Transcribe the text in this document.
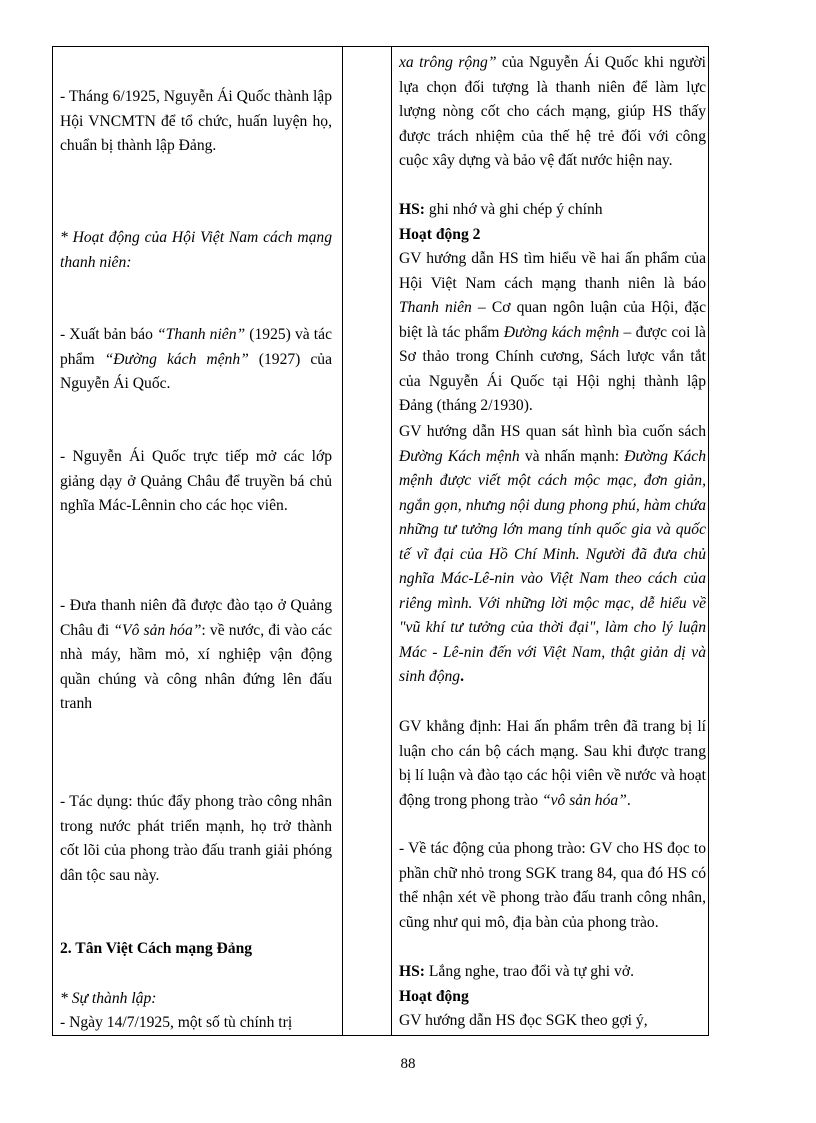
- Tháng 6/1925, Nguyễn Ái Quốc thành lập Hội VNCMTN để tổ chức, huấn luyện họ, chuẩn bị thành lập Đảng.
* Hoạt động của Hội Việt Nam cách mạng thanh niên:
- Xuất bản báo “Thanh niên” (1925) và tác phẩm “Đường kách mệnh” (1927) của Nguyễn Ái Quốc.
- Nguyễn Ái Quốc trực tiếp mở các lớp giảng dạy ở Quảng Châu để truyền bá chủ nghĩa Mác-Lênnin cho các học viên.
- Đưa thanh niên đã được đào tạo ở Quảng Châu đi “Vô sản hóa”: về nước, đi vào các nhà máy, hầm mỏ, xí nghiệp vận động quần chúng và công nhân đứng lên đấu tranh
- Tác dụng: thúc đẩy phong trào công nhân trong nước phát triển mạnh, họ trở thành cốt lõi của phong trào đấu tranh giải phóng dân tộc sau này.
2. Tân Việt Cách mạng Đảng
* Sự thành lập:
- Ngày 14/7/1925, một số tù chính trị
xa trông rộng” của Nguyễn Ái Quốc khi người lựa chọn đối tượng là thanh niên để làm lực lượng nòng cốt cho cách mạng, giúp HS thấy được trách nhiệm của thế hệ trẻ đối với công cuộc xây dựng và bảo vệ đất nước hiện nay.
HS: ghi nhớ và ghi chép ý chính
Hoạt động 2
GV hướng dẫn HS tìm hiểu về hai ấn phẩm của Hội Việt Nam cách mạng thanh niên là báo Thanh niên – Cơ quan ngôn luận của Hội, đặc biệt là tác phẩm Đường kách mệnh – được coi là Sơ thảo trong Chính cương, Sách lược vắn tắt của Nguyễn Ái Quốc tại Hội nghị thành lập Đảng (tháng 2/1930).
GV hướng dẫn HS quan sát hình bìa cuốn sách Đường Kách mệnh và nhấn mạnh: Đường Kách mệnh được viết một cách mộc mạc, đơn giản, ngắn gọn, nhưng nội dung phong phú, hàm chứa những tư tưởng lớn mang tính quốc gia và quốc tế vĩ đại của Hồ Chí Minh. Người đã đưa chủ nghĩa Mác-Lê-nin vào Việt Nam theo cách của riêng mình. Với những lời mộc mạc, dễ hiểu về "vũ khí tư tưởng của thời đại", làm cho lý luận Mác - Lê-nin đến với Việt Nam, thật giản dị và sinh động.
GV khẳng định: Hai ấn phẩm trên đã trang bị lí luận cho cán bộ cách mạng. Sau khi được trang bị lí luận và đào tạo các hội viên về nước và hoạt động trong phong trào “vô sản hóa”.
- Về tác động của phong trào: GV cho HS đọc to phần chữ nhỏ trong SGK trang 84, qua đó HS có thể nhận xét về phong trào đấu tranh công nhân, cũng như qui mô, địa bàn của phong trào.
HS: Lắng nghe, trao đổi và tự ghi vở.
Hoạt động
GV hướng dẫn HS đọc SGK theo gợi ý,
88
